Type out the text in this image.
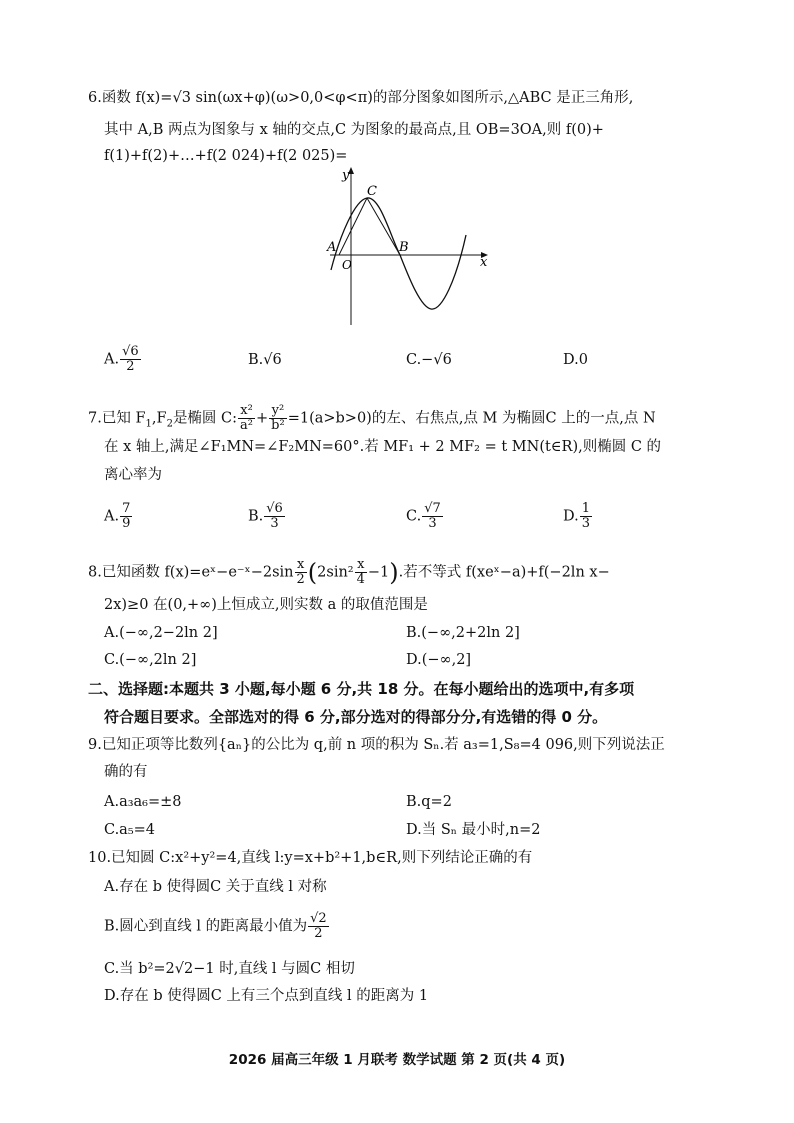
6.函数 f(x)=√3 sin(ωx+φ)(ω>0,0<φ<π)的部分图象如图所示,△ABC 是正三角形,
其中 A,B 两点为图象与 x 轴的交点,C 为图象的最高点,且 OB=3OA,则 f(0)+
f(1)+f(2)+…+f(2 024)+f(2 025)=
C
A
O
B
y
x
A. $\frac{√6}{2}$	B.√6	C.−√6	D.0
7.已知 $F_1,F_2$是椭圆 C: $\frac{\text{x²}}{\text{a²}} + \frac{\text{y²}}{\text{b²}} =1(a>b>0)$的左、右焦点,点 M 为椭圆C 上的一点,点 N
在 x 轴上,满足∠F₁MN=∠F₂MN=60°.若 MF₁ + 2 MF₂ = t MN(t∈R),则椭圆 C 的
离心率为
A. $\frac{7}{9}$	B. $\frac{√6}{3}$	C. $\frac{√7}{3}$	D. $\frac{1}{3}$
8.已知函数 f(x)=eˣ−e⁻ˣ−2sin $\frac{x}{2} (2\sin^2 \frac{x}{4} -1)$.若不等式 f(xeˣ−a)+f(−2ln x−
2x)≥0 在(0,+∞)上恒成立,则实数 a 的取值范围是
A.(−∞,2−2ln 2]	B.(−∞,2+2ln 2]
C.(−∞,2ln 2]	D.(−∞,2]
二、选择题:本题共 3 小题,每小题 6 分,共 18 分。在每小题给出的选项中,有多项
符合题目要求。全部选对的得 6 分,部分选对的得部分分,有选错的得 0 分。
9.已知正项等比数列{aₙ}的公比为 q,前 n 项的积为 Sₙ.若 a₃=1,S₈=4 096,则下列说法正
确的有
A.a₃a₆=±8	B.q=2
C.a₅=4	D.当 Sₙ 最小时,n=2
10.已知圆 C:x²+y²=4,直线 l:y=x+b²+1,b∈R,则下列结论正确的有
A.存在 b 使得圆C 关于直线 l 对称
B.圆心到直线 l 的距离最小值为 $\frac{√2}{2}$
C.当 b²=2√2−1 时,直线 l 与圆C 相切
D.存在 b 使得圆C 上有三个点到直线 l 的距离为 1
2026 届高三年级 1 月联考 数学试题 第 2 页(共 4 页)
